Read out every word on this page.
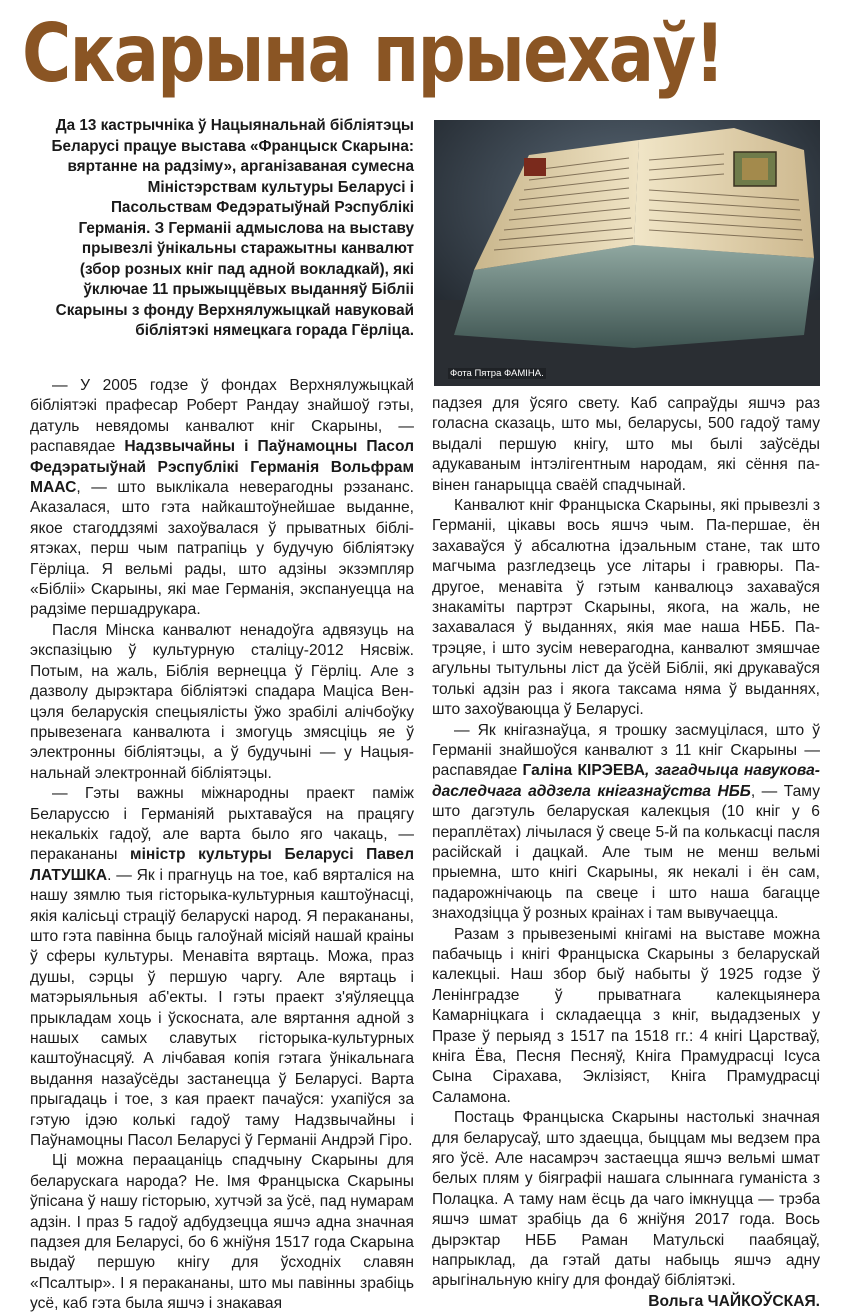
Скарына прыехаў!
Да 13 кастрычніка ў Нацыянальнай бібліятэцы Беларусі працуе выстава «Францыск Скарына: вяртанне на радзіму», арганізаваная сумесна Міністэрствам культуры Беларусі і Пасольствам Федэратыўнай Рэспублікі Германія. З Германіі адмыслова на выставу прывезлі ўнікальны старажытны канвалют (збор розных кніг пад адной вокладкай), які ўключае 11 прыжыццёвых выданняў Бібліі Скарыны з фонду Верхнялужыцкай навуковай бібліятэкі нямецкага горада Гёрліца.
Фота Пятра ФАМІНА.

— У 2005 годзе ў фондах Верхнялужыцкай бібліятэкі прафесар Роберт Рандау знайшоў гэты, датуль невядомы канвалют кніг Скарыны, — распавядае Надзвычайны і Паўнамоцны Пасол Федэратыўнай Рэспублікі Германія Вольфрам МААС, — што выклікала неверагодны рэзананс. Аказалася, што гэта найкаштоўнейшае выданне, якое стагоддзямі захоўвалася ў прыватных бібліятэках, перш чым патрапіць у будучую бібліятэку Гёрліца. Я вельмі рады, што адзіны экзэмпляр «Бібліі» Скарыны, які мае Германія, экспануецца на радзіме першадрукара.

Пасля Мінска канвалют ненадоўга адвязуць на экспазіцыю ў культурную сталіцу-2012 Нясвіж. Потым, на жаль, Біблія вернецца ў Гёрліц. Але з дазволу дырэктара бібліятэкі спадара Маціса Венцэля беларускія спецыялісты ўжо зрабілі алічбоўку прывезенага канвалюта і змогуць змясціць яе ў электронны бібліятэцы, а ў будучыні — у Нацыянальнай электроннай бібліятэцы.

— Гэты важны міжнародны праект паміж Беларуссю і Германіяй рыхтаваўся на працягу некалькіх гадоў, але варта было яго чакаць, — перакананы міністр культуры Беларусі Павел ЛАТУШКА. — Як і прагнуць на тое, каб вярталіся на нашу зямлю тыя гісторыка-культурныя каштоўнасці, якія калісьці страціў беларускі народ. Я перакананы, што гэта павінна быць галоўнай місіяй нашай краіны ў сферы культуры. Менавіта вяртаць. Можа, праз душы, сэрцы ў першую чаргу. Але вяртаць і матэрыяльныя аб'екты. І гэты праект з'яўляецца прыкладам хоць і ўскосната, але вяртання адной з нашых самых славутых гісторыка-культурных каштоўнасцяў. А лічбавая копія гэтага ўнікальнага выдання назаўсёды застанецца ў Беларусі. Варта прыгадаць і тое, з кая праект пачаўся: ухапіўся за гэтую ідэю колькі гадоў таму Надзвычайны і Паўнамоцны Пасол Беларусі ў Германіі Андрэй Гіро.

Ці можна пераацаніць спадчыну Скарыны для беларускага народа? Не. Імя Францыска Скарыны ўпісана ў нашу гісторыю, хутчэй за ўсё, пад нумарам адзін. І праз 5 гадоў адбудзецца яшчэ адна значная падзея для Беларусі, бо 6 жніўня 1517 года Скарына выдаў першую кнігу для ўсходніх славян «Псалтыр». І я перакананы, што мы павінны зрабіць усё, каб гэта была яшчэ і знакавая

падзея для ўсяго свету. Каб сапраўды яшчэ раз голасна сказаць, што мы, беларусы, 500 гадоў таму выдалі першую кнігу, што мы былі заўсёды адукаваным інтэлігентным народам, які сёння павінен ганарыцца сваёй спадчынай.

Канвалют кніг Францыска Скарыны, які прывезлі з Германіі, цікавы вось яшчэ чым. Па-першае, ён захаваўся ў абсалютна ідэальным стане, так што магчыма разгледзець усе літары і гравюры. Па-другое, менавіта ў гэтым канвалюцэ захаваўся знакаміты партрэт Скарыны, якога, на жаль, не захавалася ў выданнях, якія мае наша НББ. Па-трэцяе, і што зусім неверагодна, канвалют змяшчае агульны тытульны ліст да ўсёй Бібліі, які друкаваўся толькі адзін раз і якога таксама няма ў выданнях, што захоўваюцца ў Беларусі.

— Як кнігазнаўца, я трошку засмуцілася, што ў Германіі знайшоўся канвалют з 11 кніг Скарыны — распавядае Галіна КІРЭЕВА, загадчыца навукова-даследчага аддзела кнігазнаўства НББ, — Таму што дагэтуль беларуская калекцыя (10 кніг у 6 пераплётах) лічылася ў свеце 5-й па колькасці пасля расійскай і дацкай. Але тым не менш вельмі прыемна, што кнігі Скарыны, як некалі і ён сам, падарожнічаюць па свеце і што наша багацце знаходзіцца ў розных краінах і там вывучаецца.

Разам з прывезенымі кнігамі на выставе можна пабачыць і кнігі Францыска Скарыны з беларускай калекцыі. Наш збор быў набыты ў 1925 годзе ў Ленінградзе ў прыватнага калекцыянера Камарніцкага і складаецца з кніг, выдадзеных у Празе ў перыяд з 1517 па 1518 гг.: 4 кнігі Царстваў, кніга Ёва, Песня Песняў, Кніга Прамудрасці Ісуса Сына Сірахава, Эклізіяст, Кніга Прамудрасці Саламона.

Постаць Францыска Скарыны настолькі значная для беларусаў, што здаецца, быццам мы ведзем пра яго ўсё. Але насамрэч застаецца яшчэ вельмі шмат белых плям у біяграфіі нашага слыннага гуманіста з Полацка. А таму нам ёсць да чаго імкнуцца — трэба яшчэ шмат зрабіць да 6 жніўня 2017 года. Вось дырэктар НББ Раман Матульскі паабяцаў, напрыклад, да гэтай даты набыць яшчэ адну арыгінальную кнігу для фондаў бібліятэкі.

Вольга ЧАЙКОЎСКАЯ.
